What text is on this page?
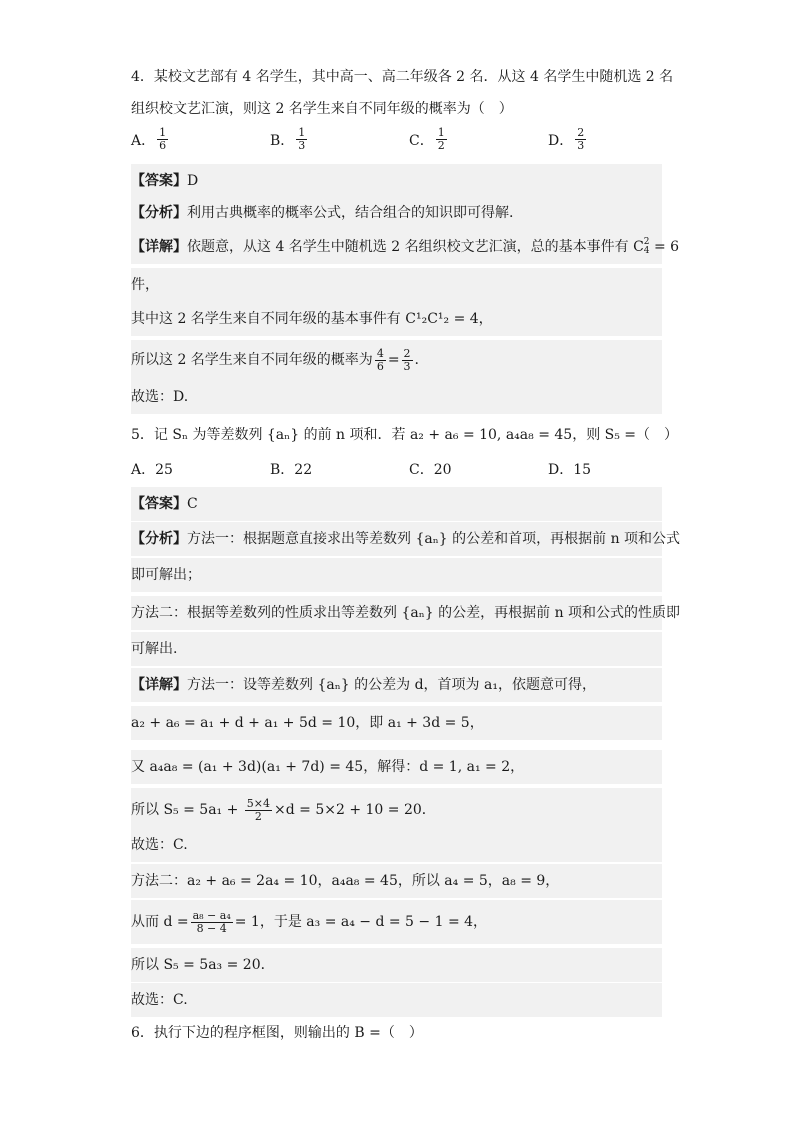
4．某校文艺部有 4 名学生，其中高一、高二年级各 2 名．从这 4 名学生中随机选 2 名
组织校文艺汇演，则这 2 名学生来自不同年级的概率为（　）
A． $\frac{1}{6}$	B． $\frac{1}{3}$	C． $\frac{1}{2}$	D． $\frac{2}{3}$
【答案】D
【分析】利用古典概率的概率公式，结合组合的知识即可得解.
【详解】依题意，从这 4 名学生中随机选 2 名组织校文艺汇演，总的基本事件有 C 2
4 = 6
件，
其中这 2 名学生来自不同年级的基本事件有 C¹₂C¹₂ = 4，
所以这 2 名学生来自不同年级的概率为 $\frac{4}{6} = \frac{2}{3}$ .
故选：D.
5．记 Sₙ 为等差数列 {aₙ} 的前 n 项和．若 a₂ + a₆ = 10, a₄a₈ = 45，则 S₅ =（　）
A．25	B．22	C．20	D．15
【答案】C
【分析】方法一：根据题意直接求出等差数列 {aₙ} 的公差和首项，再根据前 n 项和公式
即可解出；
方法二：根据等差数列的性质求出等差数列 {aₙ} 的公差，再根据前 n 项和公式的性质即
可解出.
【详解】方法一：设等差数列 {aₙ} 的公差为 d，首项为 a₁，依题意可得，
a₂ + a₆ = a₁ + d + a₁ + 5d = 10，即 a₁ + 3d = 5，
又 a₄a₈ = (a₁ + 3d)(a₁ + 7d) = 45，解得：d = 1, a₁ = 2，
所以 $S_5 = 5a_1 + \frac{5\times 4}{2} \times d = 5\times 2 + 10 = 20$．
故选：C.
方法二：a₂ + a₆ = 2a₄ = 10，a₄a₈ = 45，所以 a₄ = 5，a₈ = 9，
从而 $d = \frac{\text{a₈ − a₄}}{8 - 4} = 1$，于是 a₃ = a₄ − d = 5 − 1 = 4，
所以 S₅ = 5a₃ = 20．
故选：C.
6．执行下边的程序框图，则输出的 B =（　）
